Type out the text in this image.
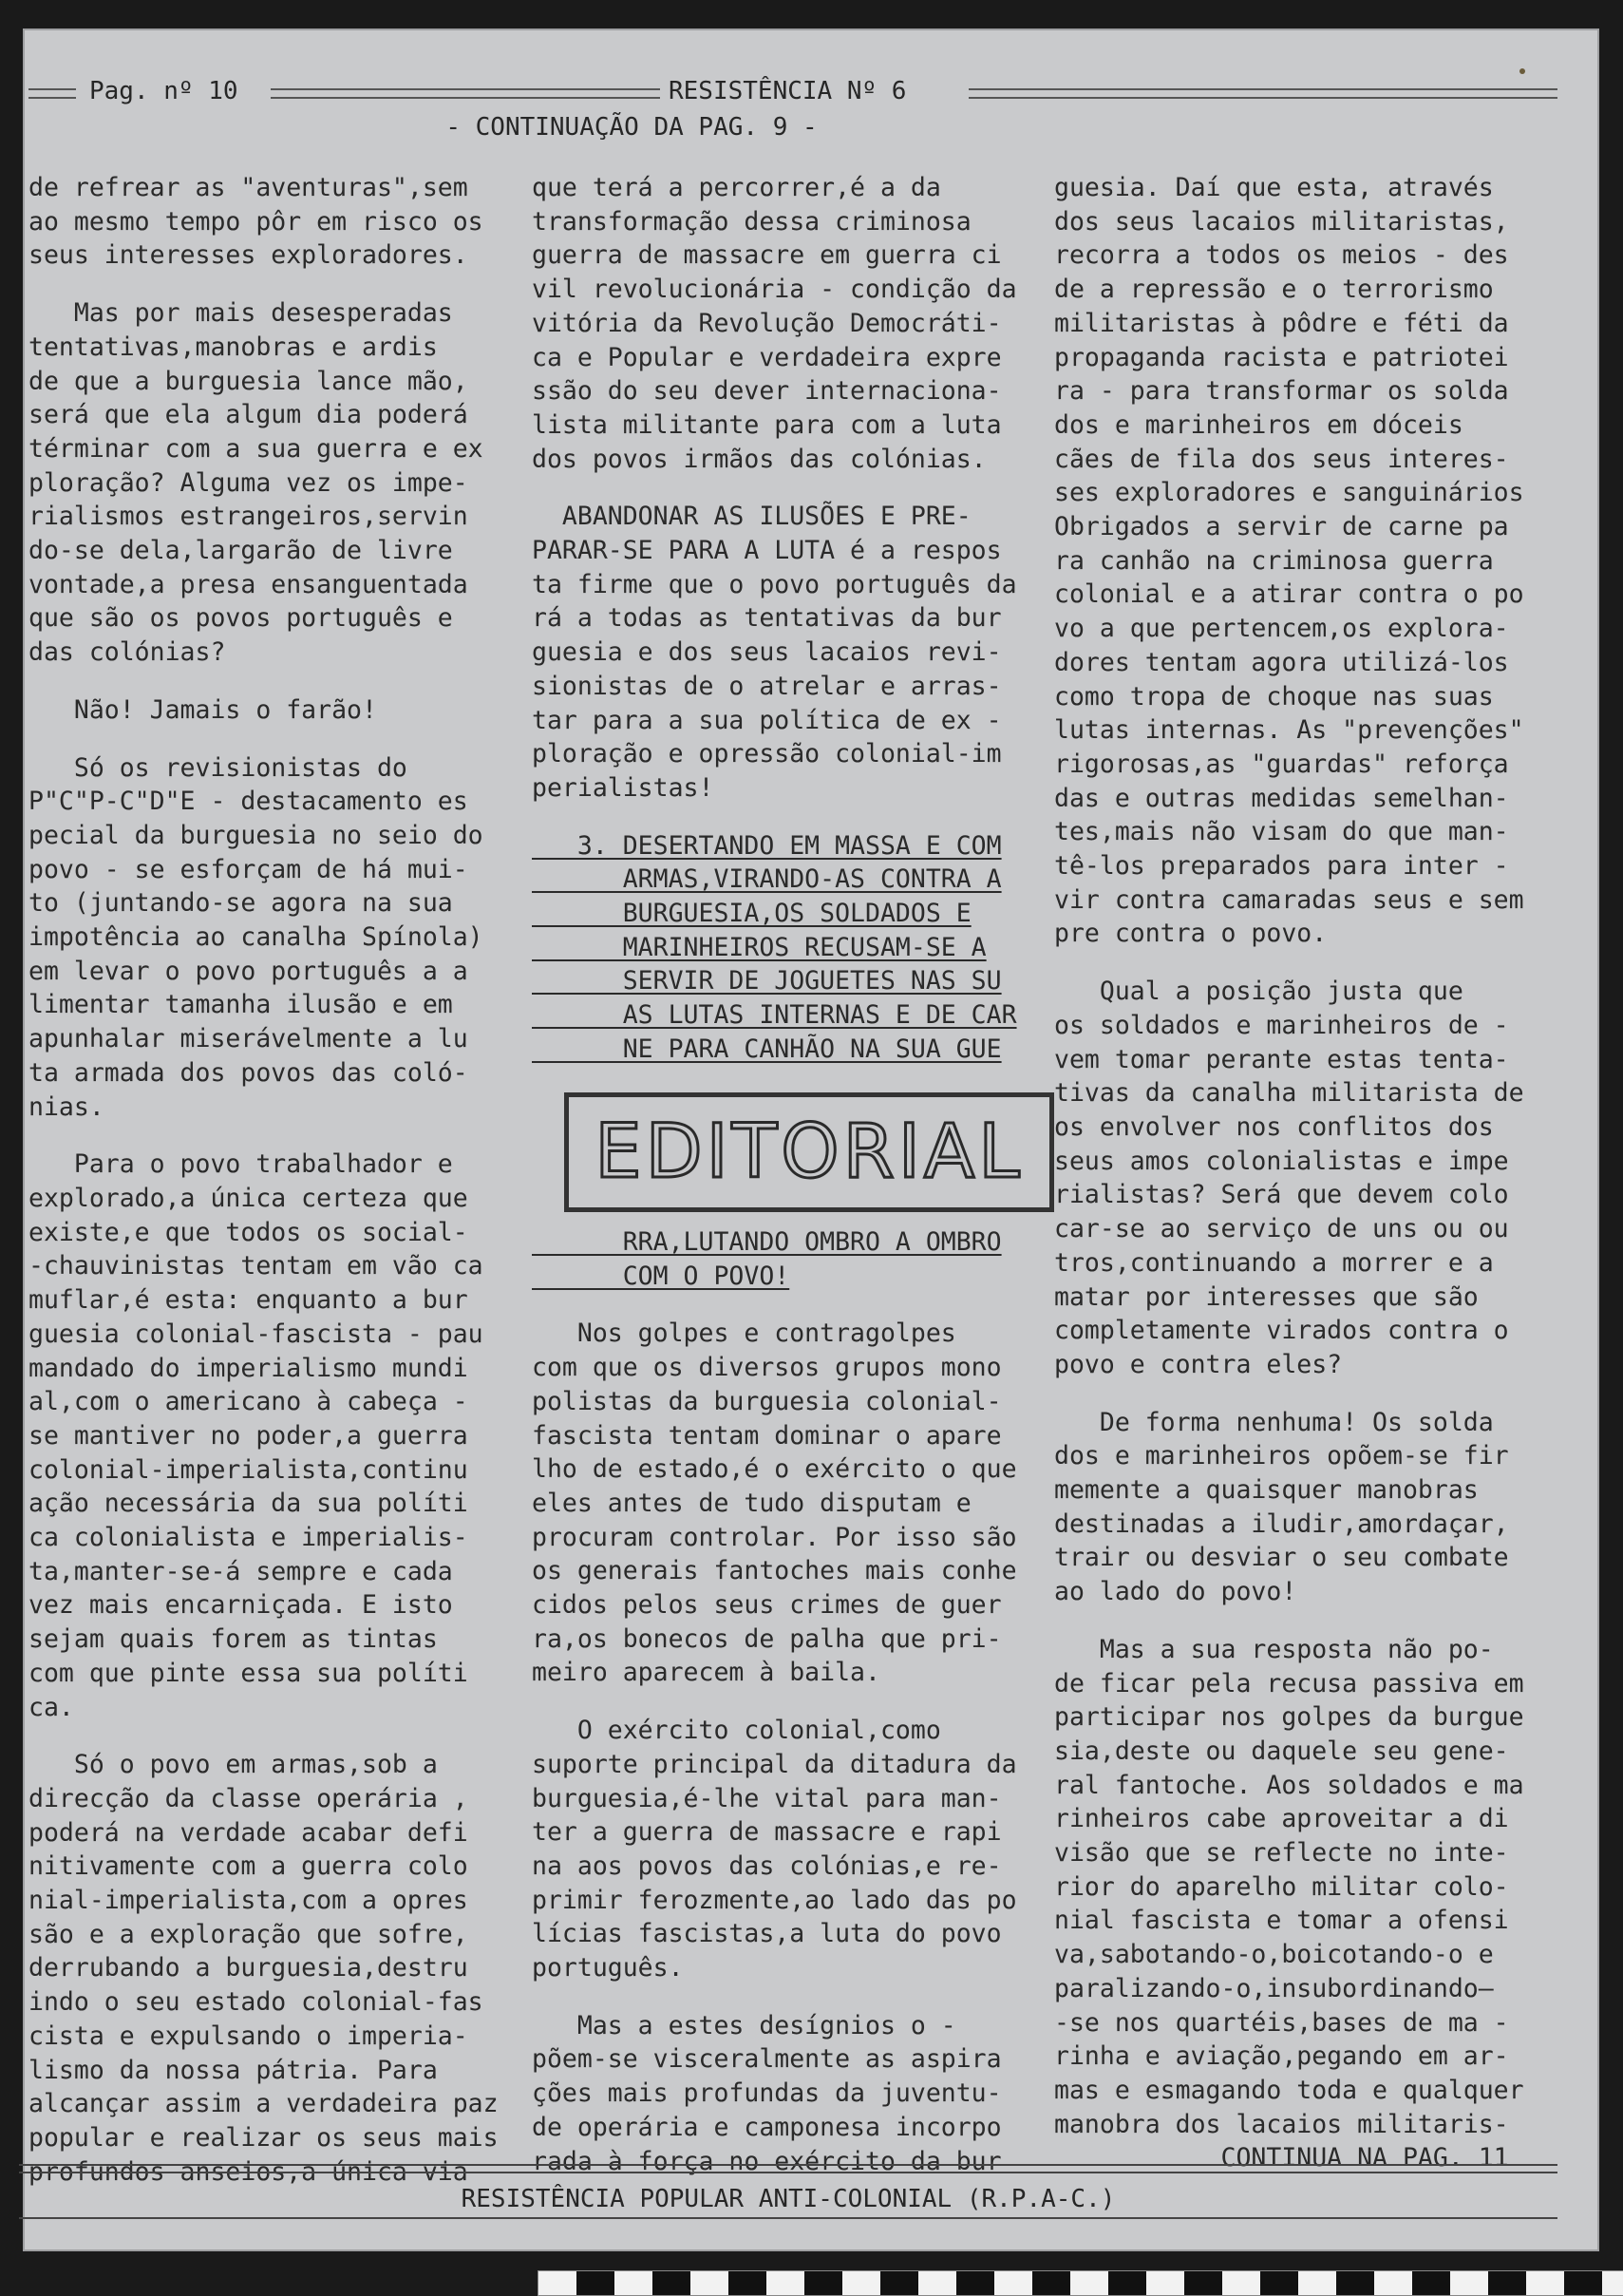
Pag. nº 10	RESISTÊNCIA Nº 6
- CONTINUAÇÃO DA PAG. 9 -

de refrear as "aventuras",sem
ao mesmo tempo pôr em risco os
seus interesses exploradores.

Mas por mais desesperadas
tentativas,manobras e ardis
de que a burguesia lance mão,
será que ela algum dia poderá
términar com a sua guerra e ex
ploração? Alguma vez os impe-
rialismos estrangeiros,servin
do-se dela,largarão de livre
vontade,a presa ensanguentada
que são os povos português e
das colónias?

Não! Jamais o farão!

Só os revisionistas do
P"C"P-C"D"E - destacamento es
pecial da burguesia no seio do
povo - se esforçam de há mui-
to (juntando-se agora na sua
impotência ao canalha Spínola)
em levar o povo português a a
limentar tamanha ilusão e em
apunhalar miserávelmente a lu
ta armada dos povos das coló-
nias.

Para o povo trabalhador e
explorado,a única certeza que
existe,e que todos os social-
-chauvinistas tentam em vão ca
muflar,é esta: enquanto a bur
guesia colonial-fascista - pau
mandado do imperialismo mundi
al,com o americano à cabeça -
se mantiver no poder,a guerra
colonial-imperialista,continu
ação necessária da sua políti
ca colonialista e imperialis-
ta,manter-se-á sempre e cada
vez mais encarniçada. E isto
sejam quais forem as tintas
com que pinte essa sua políti
ca.

Só o povo em armas,sob a
direcção da classe operária ,
poderá na verdade acabar defi
nitivamente com a guerra colo
nial-imperialista,com a opres
são e a exploração que sofre,
derrubando a burguesia,destru
indo o seu estado colonial-fas
cista e expulsando o imperia-
lismo da nossa pátria. Para
alcançar assim a verdadeira paz
popular e realizar os seus mais
profundos anseios,a única via

que terá a percorrer,é a da
transformação dessa criminosa
guerra de massacre em guerra ci
vil revolucionária - condição da
vitória da Revolução Democráti-
ca e Popular e verdadeira expre
ssão do seu dever internaciona-
lista militante para com a luta
dos povos irmãos das colónias.

ABANDONAR AS ILUSÕES E PRE-
PARAR-SE PARA A LUTA é a respos
ta firme que o povo português da
rá a todas as tentativas da bur
guesia e dos seus lacaios revi-
sionistas de o atrelar e arras-
tar para a sua política de ex -
ploração e opressão colonial-im
perialistas!

3. DESERTANDO EM MASSA E COM
ARMAS,VIRANDO-AS CONTRA A
BURGUESIA,OS SOLDADOS E
MARINHEIROS RECUSAM-SE A
SERVIR DE JOGUETES NAS SU
AS LUTAS INTERNAS E DE CAR
NE PARA CANHÃO NA SUA GUE

EDITORIAL

RRA,LUTANDO OMBRO A OMBRO
COM O POVO!

Nos golpes e contragolpes
com que os diversos grupos mono
polistas da burguesia colonial-
fascista tentam dominar o apare
lho de estado,é o exército o que
eles antes de tudo disputam e
procuram controlar. Por isso são
os generais fantoches mais conhe
cidos pelos seus crimes de guer
ra,os bonecos de palha que pri-
meiro aparecem à baila.

O exército colonial,como
suporte principal da ditadura da
burguesia,é-lhe vital para man-
ter a guerra de massacre e rapi
na aos povos das colónias,e re-
primir ferozmente,ao lado das po
lícias fascistas,a luta do povo
português.

Mas a estes desígnios o -
põem-se visceralmente as aspira
ções mais profundas da juventu-
de operária e camponesa incorpo
rada à força no exército da bur

guesia. Daí que esta, através
dos seus lacaios militaristas,
recorra a todos os meios - des
de a repressão e o terrorismo
militaristas à pôdre e féti da
propaganda racista e patriotei
ra - para transformar os solda
dos e marinheiros em dóceis
cães de fila dos seus interes-
ses exploradores e sanguinários
Obrigados a servir de carne pa
ra canhão na criminosa guerra
colonial e a atirar contra o po
vo a que pertencem,os explora-
dores tentam agora utilizá-los
como tropa de choque nas suas
lutas internas. As "prevenções"
rigorosas,as "guardas" reforça
das e outras medidas semelhan-
tes,mais não visam do que man-
tê-los preparados para inter -
vir contra camaradas seus e sem
pre contra o povo.

Qual a posição justa que
os soldados e marinheiros de -
vem tomar perante estas tenta-
tivas da canalha militarista de
os envolver nos conflitos dos
seus amos colonialistas e impe
rialistas? Será que devem colo
car-se ao serviço de uns ou ou
tros,continuando a morrer e a
matar por interesses que são
completamente virados contra o
povo e contra eles?

De forma nenhuma! Os solda
dos e marinheiros opõem-se fir
memente a quaisquer manobras
destinadas a iludir,amordaçar,
trair ou desviar o seu combate
ao lado do povo!

Mas a sua resposta não po-
de ficar pela recusa passiva em
participar nos golpes da burgue
sia,deste ou daquele seu gene-
ral fantoche. Aos soldados e ma
rinheiros cabe aproveitar a di
visão que se reflecte no inte-
rior do aparelho militar colo-
nial fascista e tomar a ofensi
va,sabotando-o,boicotando-o e
paralizando-o,insubordinando—
-se nos quartéis,bases de ma -
rinha e aviação,pegando em ar-
mas e esmagando toda e qualquer
manobra dos lacaios militaris-

CONTINUA NA PAG. 11

RESISTÊNCIA POPULAR ANTI-COLONIAL (R.P.A-C.)
